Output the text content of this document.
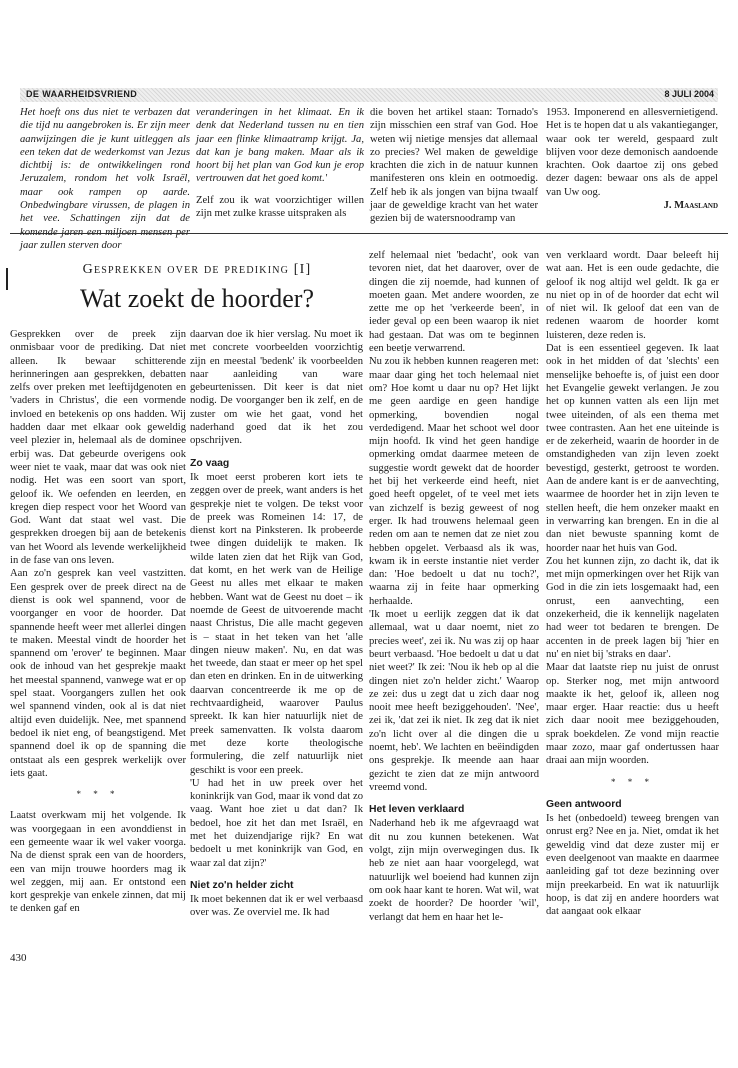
DE WAARHEIDSVRIEND	8 JULI 2004

Het hoeft ons dus niet te verbazen dat die tijd nu aangebroken is. Er zijn meer aanwijzingen die je kunt uitleggen als een teken dat de wederkomst van Jezus dichtbij is: de ontwikkelingen rond Jeruzalem, rondom het volk Israël, maar ook rampen op aarde. Onbedwingbare virussen, de plagen in het vee. Schattingen zijn dat de komende jaren een miljoen mensen per jaar zullen sterven door

veranderingen in het klimaat. En ik denk dat Nederland tussen nu en tien jaar een flinke klimaatramp krijgt. Ja, dat kan je bang maken. Maar als ik hoort bij het plan van God kun je erop vertrouwen dat het goed komt.'

Zelf zou ik wat voorzichtiger willen zijn met zulke krasse uitspraken als

die boven het artikel staan: Tornado's zijn misschien een straf van God. Hoe weten wij nietige mensjes dat allemaal zo precies? Wel maken de geweldige krachten die zich in de natuur kunnen manifesteren ons klein en ootmoedig. Zelf heb ik als jongen van bijna twaalf jaar de geweldige kracht van het water gezien bij de watersnoodramp van

1953. Imponerend en allesvernietigend. Het is te hopen dat u als vakantieganger, waar ook ter wereld, gespaard zult blijven voor deze demonisch aandoende krachten. Ook daartoe zij ons gebed dezer dagen: bewaar ons als de appel van Uw oog.

J. Maasland

Gesprekken over de prediking [I]
Wat zoekt de hoorder?

Gesprekken over de preek zijn onmisbaar voor de prediking. Dat niet alleen. Ik bewaar schitterende herinneringen aan gesprekken, debatten zelfs over preken met leeftijdgenoten en 'vaders in Christus', die een vormende invloed en betekenis op ons hadden. Wij hadden daar met elkaar ook geweldig veel plezier in, helemaal als de dominee erbij was. Dat gebeurde overigens ook weer niet te vaak, maar dat was ook niet nodig. Het was een soort van sport, geloof ik. We oefenden en leerden, en kregen diep respect voor het Woord van God. Want dat staat wel vast. Die gesprekken droegen bij aan de betekenis van het Woord als levende werkelijkheid in de fase van ons leven.

Aan zo'n gesprek kan veel vastzitten. Een gesprek over de preek direct na de dienst is ook wel spannend, voor de voorganger en voor de hoorder. Dat spannende heeft weer met allerlei dingen te maken. Meestal vindt de hoorder het spannend om 'erover' te beginnen. Maar ook de inhoud van het gesprekje maakt het meestal spannend, vanwege wat er op spel staat. Voorgangers zullen het ook wel spannend vinden, ook al is dat niet altijd even duidelijk. Nee, met spannend bedoel ik niet eng, of beangstigend. Met spannend doel ik op de spanning die ontstaat als een gesprek werkelijk over iets gaat.

* * *

Laatst overkwam mij het volgende. Ik was voorgegaan in een avonddienst in een gemeente waar ik wel vaker voorga. Na de dienst sprak een van de hoorders, een van mijn trouwe hoorders mag ik wel zeggen, mij aan. Er ontstond een kort gesprekje van enkele zinnen, dat mij te denken gaf en

daarvan doe ik hier verslag. Nu moet ik met concrete voorbeelden voorzichtig zijn en meestal 'bedenk' ik voorbeelden naar aanleiding van ware gebeurtenissen. Dit keer is dat niet nodig. De voorganger ben ik zelf, en de zuster om wie het gaat, vond het naderhand goed dat ik het zou opschrijven.

Zo vaag

Ik moet eerst proberen kort iets te zeggen over de preek, want anders is het gesprekje niet te volgen. De tekst voor de preek was Romeinen 14: 17, de dienst kort na Pinksteren. Ik probeerde twee dingen duidelijk te maken. Ik wilde laten zien dat het Rijk van God, dat komt, en het werk van de Heilige Geest nu alles met elkaar te maken hebben. Want wat de Geest nu doet – ik noemde de Geest de uitvoerende macht naast Christus, Die alle macht gegeven is – staat in het teken van het 'alle dingen nieuw maken'. Nu, en dat was het tweede, dan staat er meer op het spel dan eten en drinken. En in de uitwerking daarvan concentreerde ik me op de rechtvaardigheid, waarover Paulus spreekt. Ik kan hier natuurlijk niet de preek samenvatten. Ik volsta daarom met deze korte theologische formulering, die zelf natuurlijk niet geschikt is voor een preek.

'U had het in uw preek over het koninkrijk van God, maar ik vond dat zo vaag. Want hoe ziet u dat dan? Ik bedoel, hoe zit het dan met Israël, en met het duizendjarige rijk? En wat bedoelt u met koninkrijk van God, en waar zal dat zijn?'

Niet zo'n helder zicht

Ik moet bekennen dat ik er wel verbaasd over was. Ze overviel me. Ik had

zelf helemaal niet 'bedacht', ook van tevoren niet, dat het daarover, over de dingen die zij noemde, had kunnen of moeten gaan. Met andere woorden, ze zette me op het 'verkeerde been', in ieder geval op een been waarop ik niet had gestaan. Dat was om te beginnen een beetje verwarrend.

Nu zou ik hebben kunnen reageren met: maar daar ging het toch helemaal niet om? Hoe komt u daar nu op? Het lijkt me geen aardige en geen handige opmerking, bovendien nogal verdedigend. Maar het schoot wel door mijn hoofd. Ik vind het geen handige opmerking omdat daarmee meteen de suggestie wordt gewekt dat de hoorder het bij het verkeerde eind heeft, niet goed heeft opgelet, of te veel met iets van zichzelf is bezig geweest of nog erger. Ik had trouwens helemaal geen reden om aan te nemen dat ze niet zou hebben opgelet. Verbaasd als ik was, kwam ik in eerste instantie niet verder dan: 'Hoe bedoelt u dat nu toch?', waarna zij in feite haar opmerking herhaalde.

'Ik moet u eerlijk zeggen dat ik dat allemaal, wat u daar noemt, niet zo precies weet', zei ik. Nu was zij op haar beurt verbaasd. 'Hoe bedoelt u dat u dat niet weet?' Ik zei: 'Nou ik heb op al die dingen niet zo'n helder zicht.' Waarop ze zei: dus u zegt dat u zich daar nog nooit mee heeft beziggehouden'. 'Nee', zei ik, 'dat zei ik niet. Ik zeg dat ik niet zo'n licht over al die dingen die u noemt, heb'. We lachten en beëindigden ons gesprekje. Ik meende aan haar gezicht te zien dat ze mijn antwoord vreemd vond.

Het leven verklaard

Naderhand heb ik me afgevraagd wat dit nu zou kunnen betekenen. Wat volgt, zijn mijn overwegingen dus. Ik heb ze niet aan haar voorgelegd, wat natuurlijk wel boeiend had kunnen zijn om ook haar kant te horen. Wat wil, wat zoekt de hoorder? De hoorder 'wil', verlangt dat hem en haar het le-

ven verklaard wordt. Daar beleeft hij wat aan. Het is een oude gedachte, die geloof ik nog altijd wel geldt. Ik ga er nu niet op in of de hoorder dat echt wil of niet wil. Ik geloof dat een van de redenen waarom de hoorder komt luisteren, deze reden is.

Dat is een essentieel gegeven. Ik laat ook in het midden of dat 'slechts' een menselijke behoefte is, of juist een door het Evangelie gewekt verlangen. Je zou het op kunnen vatten als een lijn met twee uiteinden, of als een thema met twee contrasten. Aan het ene uiteinde is er de zekerheid, waarin de hoorder in de omstandigheden van zijn leven zoekt bevestigd, gesterkt, getroost te worden. Aan de andere kant is er de aanvechting, waarmee de hoorder het in zijn leven te stellen heeft, die hem onzeker maakt en in verwarring kan brengen. En in die al dan niet bewuste spanning komt de hoorder naar het huis van God.

Zou het kunnen zijn, zo dacht ik, dat ik met mijn opmerkingen over het Rijk van God in die zin iets losgemaakt had, een onrust, een aanvechting, een onzekerheid, die ik kennelijk nagelaten had weer tot bedaren te brengen. De accenten in de preek lagen bij 'hier en nu' en niet bij 'straks en daar'.

Maar dat laatste riep nu juist de onrust op. Sterker nog, met mijn antwoord maakte ik het, geloof ik, alleen nog maar erger. Haar reactie: dus u heeft zich daar nooit mee beziggehouden, sprak boekdelen. Ze vond mijn reactie maar zozo, maar gaf ondertussen haar draai aan mijn woorden.

* * *
Geen antwoord

Is het (onbedoeld) teweeg brengen van onrust erg? Nee en ja. Niet, omdat ik het geweldig vind dat deze zuster mij er even deelgenoot van maakte en daarmee aanleiding gaf tot deze bezinning over mijn preekarbeid. En wat ik natuurlijk hoop, is dat zij en andere hoorders wat dat aangaat ook elkaar

430
